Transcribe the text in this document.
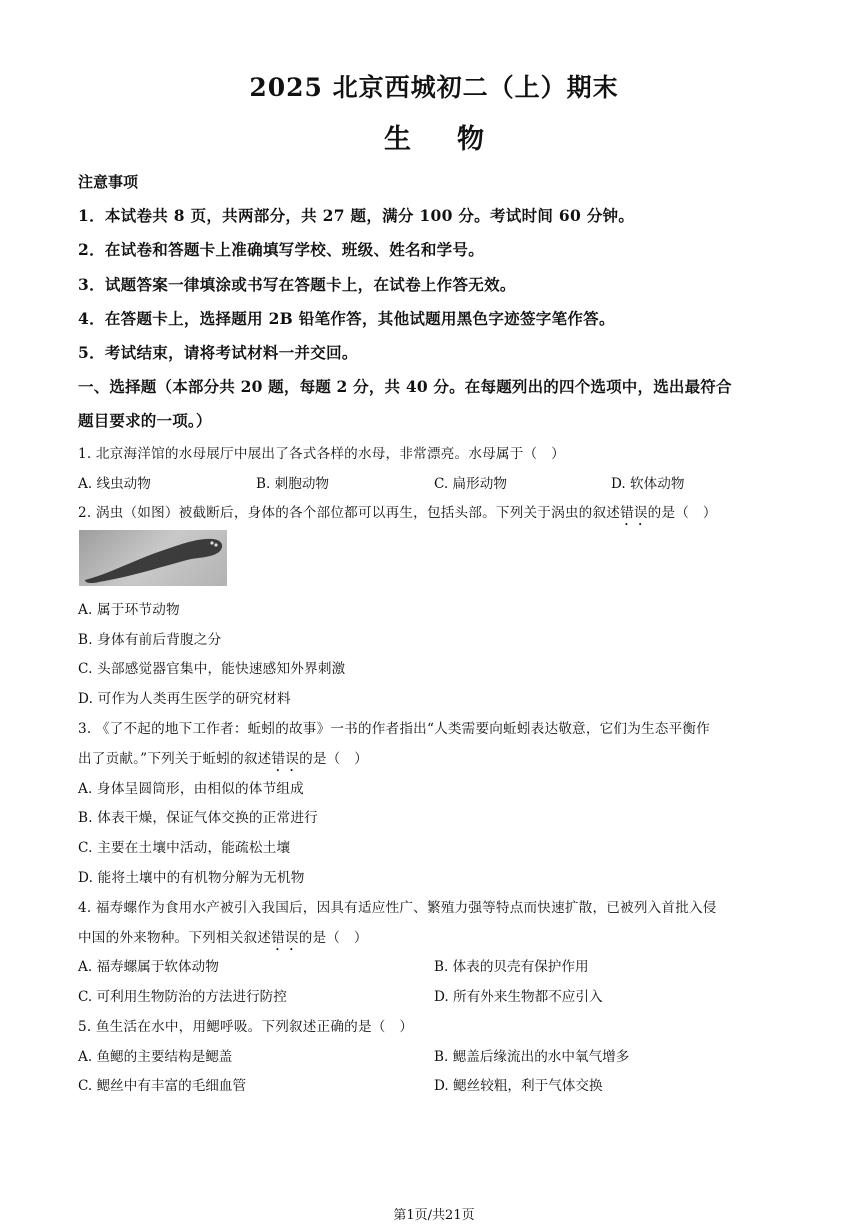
2025 北京西城初二（上）期末
生 物
注意事项
1．本试卷共 8 页，共两部分，共 27 题，满分 100 分。考试时间 60 分钟。
2．在试卷和答题卡上准确填写学校、班级、姓名和学号。
3．试题答案一律填涂或书写在答题卡上，在试卷上作答无效。
4．在答题卡上，选择题用 2B 铅笔作答，其他试题用黑色字迹签字笔作答。
5．考试结束，请将考试材料一并交回。
一、选择题（本部分共 20 题，每题 2 分，共 40 分。在每题列出的四个选项中，选出最符合
题目要求的一项。）
1. 北京海洋馆的水母展厅中展出了各式各样的水母，非常漂亮。水母属于（　）
A. 线虫动物	B. 刺胞动物	C. 扁形动物	D. 软体动物
2. 涡虫（如图）被截断后，身体的各个部位都可以再生，包括头部。下列关于涡虫的叙述错误的是（　）
A. 属于环节动物
B. 身体有前后背腹之分
C. 头部感觉器官集中，能快速感知外界刺激
D. 可作为人类再生医学的研究材料
3. 《了不起的地下工作者：蚯蚓的故事》一书的作者指出“人类需要向蚯蚓表达敬意，它们为生态平衡作
出了贡献。”下列关于蚯蚓的叙述错误的是（　）
A. 身体呈圆筒形，由相似的体节组成
B. 体表干燥，保证气体交换的正常进行
C. 主要在土壤中活动，能疏松土壤
D. 能将土壤中的有机物分解为无机物
4. 福寿螺作为食用水产被引入我国后，因具有适应性广、繁殖力强等特点而快速扩散，已被列入首批入侵
中国的外来物种。下列相关叙述错误的是（　）
A. 福寿螺属于软体动物	B. 体表的贝壳有保护作用
C. 可利用生物防治的方法进行防控	D. 所有外来生物都不应引入
5. 鱼生活在水中，用鳃呼吸。下列叙述正确的是（　）
A. 鱼鳃的主要结构是鳃盖	B. 鳃盖后缘流出的水中氧气增多
C. 鳃丝中有丰富的毛细血管	D. 鳃丝较粗，利于气体交换
第1页/共21页
